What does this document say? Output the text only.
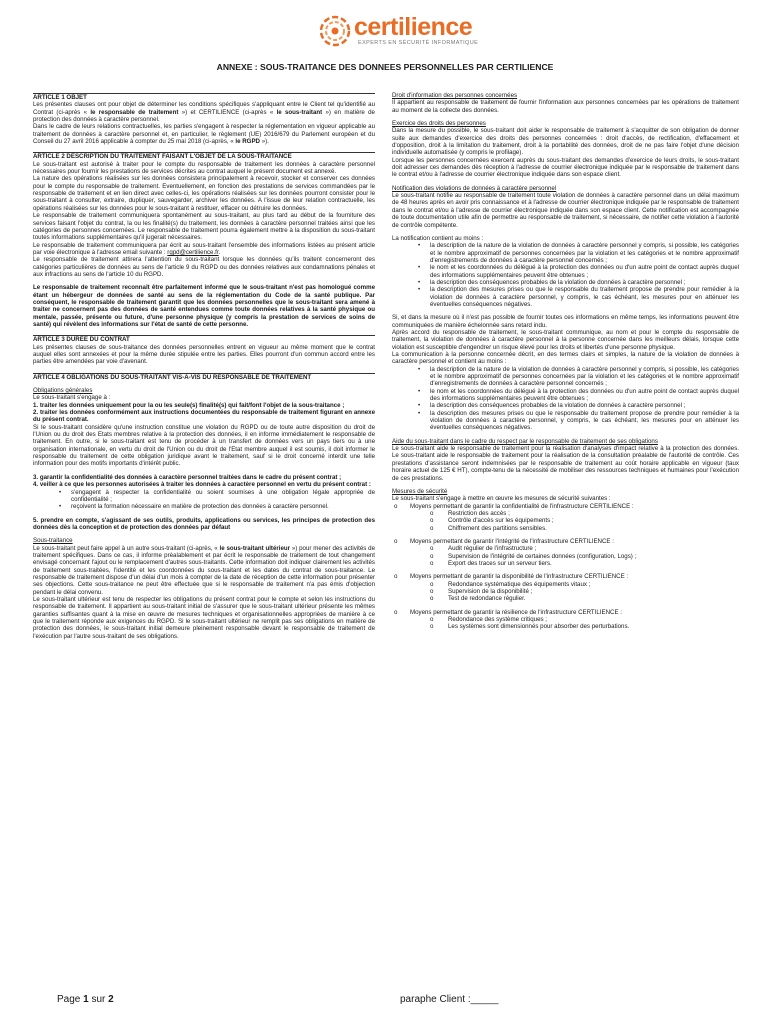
certilience
EXPERTS EN SÉCURITÉ INFORMATIQUE
ANNEXE : SOUS-TRAITANCE DES DONNEES PERSONNELLES PAR CERTILIENCE

ARTICLE 1 OBJET

Les présentes clauses ont pour objet de déterminer les conditions spécifiques s'appliquant entre le Client tel qu'identifié au Contrat (ci-après « le responsable de traitement ») et CERTILIENCE (ci-après « le sous-traitant ») en matière de protection des données à caractère personnel.

Dans le cadre de leurs relations contractuelles, les parties s'engagent à respecter la réglementation en vigueur applicable au traitement de données à caractère personnel et, en particulier, le règlement (UE) 2016/679 du Parlement européen et du Conseil du 27 avril 2016 applicable à compter du 25 mai 2018 (ci-après, « le RGPD »).

ARTICLE 2 DESCRIPTION DU TRAITEMENT FAISANT L'OBJET DE LA SOUS-TRAITANCE

Le sous-traitant est autorisé à traiter pour le compte du responsable de traitement les données à caractère personnel nécessaires pour fournir les prestations de services décrites au contrat auquel le présent document est annexé.

La nature des opérations réalisées sur les données consistera principalement à recevoir, stocker et conserver ces données pour le compte du responsable de traitement. Eventuellement, en fonction des prestations de services commandées par le responsable de traitement et en lien direct avec celles-ci, les opérations réalisées sur les données pourront consister pour le sous-traitant à consulter, extraire, dupliquer, sauvegarder, archiver les données. A l'issue de leur relation contractuelle, les opérations réalisées sur les données pour le sous-traitant à restituer, effacer ou détruire les données.

Le responsable de traitement communiquera spontanément au sous-traitant, au plus tard au début de la fourniture des services faisant l'objet du contrat, la ou les finalité(s) du traitement, les données à caractère personnel traitées ainsi que les catégories de personnes concernées. Le responsable de traitement pourra également mettre à la disposition du sous-traitant toutes informations supplémentaires qu'il jugerait nécessaires.

Le responsable de traitement communiquera par écrit au sous-traitant l'ensemble des informations listées au présent article par voie électronique à l'adresse email suivante : rgpd@certilience.fr.

Le responsable de traitement attirera l'attention du sous-traitant lorsque les données qu'ils traitent concerneront des catégories particulières de données au sens de l'article 9 du RGPD ou des données relatives aux condamnations pénales et aux infractions au sens de l'article 10 du RGPD.

Le responsable de traitement reconnaît être parfaitement informé que le sous-traitant n'est pas homologué comme étant un hébergeur de données de santé au sens de la réglementation du Code de la santé publique. Par conséquent, le responsable de traitement garantit que les données personnelles que le sous-traitant sera amené à traiter ne concernent pas des données de santé entendues comme toute données relatives à la santé physique ou mentale, passée, présente ou future, d'une personne physique (y compris la prestation de services de soins de santé) qui révèlent des informations sur l'état de santé de cette personne.

ARTICLE 3 DUREE DU CONTRAT

Les présentes clauses de sous-traitance des données personnelles entrent en vigueur au même moment que le contrat auquel elles sont annexées et pour la même durée stipulée entre les parties. Elles pourront d'un commun accord entre les parties être amendées par voie d'avenant.

ARTICLE 4 OBLIGATIONS DU SOUS-TRAITANT VIS-A-VIS DU RESPONSABLE DE TRAITEMENT

Obligations générales

Le sous-traitant s'engage à :

1. traiter les données uniquement pour la ou les seule(s) finalité(s) qui fait/font l'objet de la sous-traitance ;

2. traiter les données conformément aux instructions documentées du responsable de traitement figurant en annexe du présent contrat.

Si le sous-traitant considère qu'une instruction constitue une violation du RGPD ou de toute autre disposition du droit de l'Union ou du droit des Etats membres relative à la protection des données, il en informe immédiatement le responsable de traitement. En outre, si le sous-traitant est tenu de procéder à un transfert de données vers un pays tiers ou à une organisation internationale, en vertu du droit de l'Union ou du droit de l'Etat membre auquel il est soumis, il doit informer le responsable du traitement de cette obligation juridique avant le traitement, sauf si le droit concerné interdit une telle information pour des motifs importants d'intérêt public.

3. garantir la confidentialité des données à caractère personnel traitées dans le cadre du présent contrat ;

4. veiller à ce que les personnes autorisées à traiter les données à caractère personnel en vertu du présent contrat :

• s'engagent à respecter la confidentialité ou soient soumises à une obligation légale appropriée de confidentialité ;
• reçoivent la formation nécessaire en matière de protection des données à caractère personnel.

5. prendre en compte, s'agissant de ses outils, produits, applications ou services, les principes de protection des données dès la conception et de protection des données par défaut

Sous-traitance

Le sous-traitant peut faire appel à un autre sous-traitant (ci-après, « le sous-traitant ultérieur ») pour mener des activités de traitement spécifiques. Dans ce cas, il informe préalablement et par écrit le responsable de traitement de tout changement envisagé concernant l'ajout ou le remplacement d'autres sous-traitants. Cette information doit indiquer clairement les activités de traitement sous-traitées, l'identité et les coordonnées du sous-traitant et les dates du contrat de sous-traitance. Le responsable de traitement dispose d'un délai d'un mois à compter de la date de réception de cette information pour présenter ses objections. Cette sous-traitance ne peut être effectuée que si le responsable de traitement n'a pas émis d'objection pendant le délai convenu.

Le sous-traitant ultérieur est tenu de respecter les obligations du présent contrat pour le compte et selon les instructions du responsable de traitement. Il appartient au sous-traitant initial de s'assurer que le sous-traitant ultérieur présente les mêmes garanties suffisantes quant à la mise en œuvre de mesures techniques et organisationnelles appropriées de manière à ce que le traitement réponde aux exigences du RGPD. Si le sous-traitant ultérieur ne remplit pas ses obligations en matière de protection des données, le sous-traitant initial demeure pleinement responsable devant le responsable de traitement de l'exécution par l'autre sous-traitant de ses obligations.

Droit d'information des personnes concernées

Il appartient au responsable de traitement de fournir l'information aux personnes concernées par les opérations de traitement au moment de la collecte des données.

Exercice des droits des personnes

Dans la mesure du possible, le sous-traitant doit aider le responsable de traitement à s'acquitter de son obligation de donner suite aux demandes d'exercice des droits des personnes concernées : droit d'accès, de rectification, d'effacement et d'opposition, droit à la limitation du traitement, droit à la portabilité des données, droit de ne pas faire l'objet d'une décision individuelle automatisée (y compris le profilage).

Lorsque les personnes concernées exercent auprès du sous-traitant des demandes d'exercice de leurs droits, le sous-traitant doit adresser ces demandes dès réception à l'adresse de courrier électronique indiquée par le responsable de traitement dans le contrat et/ou à l'adresse de courrier électronique indiquée dans son espace client.

Notification des violations de données à caractère personnel

Le sous-traitant notifie au responsable de traitement toute violation de données à caractère personnel dans un délai maximum de 48 heures après en avoir pris connaissance et à l'adresse de courrier électronique indiquée par le responsable de traitement dans le contrat et/ou à l'adresse de courrier électronique indiquée dans son espace client. Cette notification est accompagnée de toute documentation utile afin de permettre au responsable de traitement, si nécessaire, de notifier cette violation à l'autorité de contrôle compétente.

La notification contient au moins :

• la description de la nature de la violation de données à caractère personnel y compris, si possible, les catégories et le nombre approximatif de personnes concernées par la violation et les catégories et le nombre approximatif d'enregistrements de données à caractère personnel concernés ;
• le nom et les coordonnées du délégué à la protection des données ou d'un autre point de contact auprès duquel des informations supplémentaires peuvent être obtenues ;
• la description des conséquences probables de la violation de données à caractère personnel ;
• la description des mesures prises ou que le responsable du traitement propose de prendre pour remédier à la violation de données à caractère personnel, y compris, le cas échéant, les mesures pour en atténuer les éventuelles conséquences négatives.

Si, et dans la mesure où il n'est pas possible de fournir toutes ces informations en même temps, les informations peuvent être communiquées de manière échelonnée sans retard indu.

Après accord du responsable de traitement, le sous-traitant communique, au nom et pour le compte du responsable de traitement, la violation de données à caractère personnel à la personne concernée dans les meilleurs délais, lorsque cette violation est susceptible d'engendrer un risque élevé pour les droits et libertés d'une personne physique.

La communication à la personne concernée décrit, en des termes clairs et simples, la nature de la violation de données à caractère personnel et contient au moins :

• la description de la nature de la violation de données à caractère personnel y compris, si possible, les catégories et le nombre approximatif de personnes concernées par la violation et les catégories et le nombre approximatif d'enregistrements de données à caractère personnel concernés ;
• le nom et les coordonnées du délégué à la protection des données ou d'un autre point de contact auprès duquel des informations supplémentaires peuvent être obtenues ;
• la description des conséquences probables de la violation de données à caractère personnel ;
• la description des mesures prises ou que le responsable du traitement propose de prendre pour remédier à la violation de données à caractère personnel, y compris, le cas échéant, les mesures pour en atténuer les éventuelles conséquences négatives.

Aide du sous-traitant dans le cadre du respect par le responsable de traitement de ses obligations

Le sous-traitant aide le responsable de traitement pour la réalisation d'analyses d'impact relative à la protection des données. Le sous-traitant aide le responsable de traitement pour la réalisation de la consultation préalable de l'autorité de contrôle. Ces prestations d'assistance seront indemnisées par le responsable de traitement au coût horaire applicable en vigueur (taux horaire actuel de 125 € HT), compte-tenu de la nécessité de mobiliser des ressources techniques et humaines pour l'exécution de ces prestations.

Mesures de sécurité

Le sous-traitant s'engage à mettre en œuvre les mesures de sécurité suivantes :

o Moyens permettant de garantir la confidentialité de l'infrastructure CERTILIENCE :
o Restriction des accès ;
o Contrôle d'accès sur les équipements ;
o Chiffrement des partitions sensibles.
o Moyens permettant de garantir l'intégrité de l'infrastructure CERTILIENCE :
o Audit régulier de l'infrastructure ;
o Supervision de l'intégrité de certaines données (configuration, Logs) ;
o Export des traces sur un serveur tiers.
o Moyens permettant de garantir la disponibilité de l'infrastructure CERTILIENCE :
o Redondance systématique des équipements vitaux ;
o Supervision de la disponibilité ;
o Test de redondance régulier.
o Moyens permettant de garantir la résilience de l'infrastructure CERTILIENCE :
o Redondance des système critiques ;
o Les systèmes sont dimensionnés pour absorber des perturbations.
Page 1 sur 2	paraphe Client :_____
